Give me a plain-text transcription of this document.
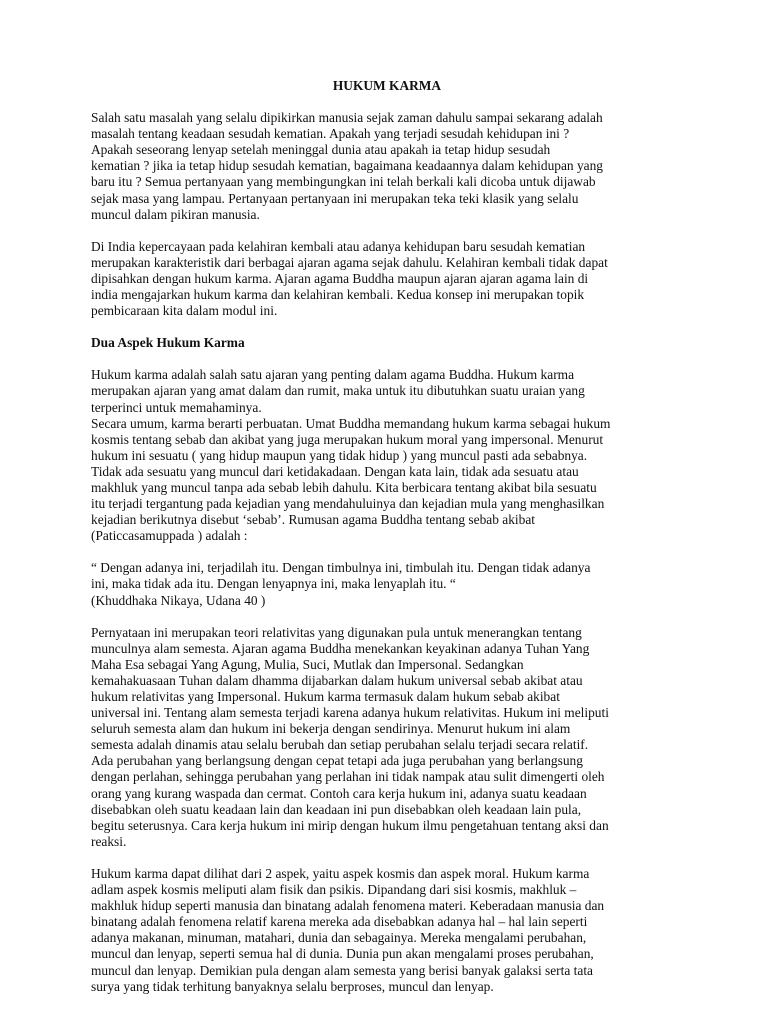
HUKUM KARMA
Salah satu masalah yang selalu dipikirkan manusia sejak zaman dahulu sampai sekarang adalah
masalah tentang keadaan sesudah kematian. Apakah yang terjadi sesudah kehidupan ini ?
Apakah seseorang lenyap setelah meninggal dunia atau apakah ia tetap hidup sesudah
kematian ? jika ia tetap hidup sesudah kematian, bagaimana keadaannya dalam kehidupan yang
baru itu ? Semua pertanyaan yang membingungkan ini telah berkali kali dicoba untuk dijawab
sejak masa yang lampau. Pertanyaan pertanyaan ini merupakan teka teki klasik yang selalu
muncul dalam pikiran manusia.
Di India kepercayaan pada kelahiran kembali atau adanya kehidupan baru sesudah kematian
merupakan karakteristik dari berbagai ajaran agama sejak dahulu. Kelahiran kembali tidak dapat
dipisahkan dengan hukum karma. Ajaran agama Buddha maupun ajaran ajaran agama lain di
india mengajarkan hukum karma dan kelahiran kembali. Kedua konsep ini merupakan topik
pembicaraan kita dalam modul ini.
Dua Aspek Hukum Karma
Hukum karma adalah salah satu ajaran yang penting dalam agama Buddha. Hukum karma
merupakan ajaran yang amat dalam dan rumit, maka untuk itu dibutuhkan suatu uraian yang
terperinci untuk memahaminya.
Secara umum, karma berarti perbuatan. Umat Buddha memandang hukum karma sebagai hukum
kosmis tentang sebab dan akibat yang juga merupakan hukum moral yang impersonal. Menurut
hukum ini sesuatu ( yang hidup maupun yang tidak hidup ) yang muncul pasti ada sebabnya.
Tidak ada sesuatu yang muncul dari ketidakadaan. Dengan kata lain, tidak ada sesuatu atau
makhluk yang muncul tanpa ada sebab lebih dahulu. Kita berbicara tentang akibat bila sesuatu
itu terjadi tergantung pada kejadian yang mendahuluinya dan kejadian mula yang menghasilkan
kejadian berikutnya disebut ‘sebab’. Rumusan agama Buddha tentang sebab akibat
(Paticcasamuppada ) adalah :
“ Dengan adanya ini, terjadilah itu. Dengan timbulnya ini, timbulah itu. Dengan tidak adanya
ini, maka tidak ada itu. Dengan lenyapnya ini, maka lenyaplah itu. “
(Khuddhaka Nikaya, Udana 40 )
Pernyataan ini merupakan teori relativitas yang digunakan pula untuk menerangkan tentang
munculnya alam semesta. Ajaran agama Buddha menekankan keyakinan adanya Tuhan Yang
Maha Esa sebagai Yang Agung, Mulia, Suci, Mutlak dan Impersonal. Sedangkan
kemahakuasaan Tuhan dalam dhamma dijabarkan dalam hukum universal sebab akibat atau
hukum relativitas yang Impersonal. Hukum karma termasuk dalam hukum sebab akibat
universal ini. Tentang alam semesta terjadi karena adanya hukum relativitas. Hukum ini meliputi
seluruh semesta alam dan hukum ini bekerja dengan sendirinya. Menurut hukum ini alam
semesta adalah dinamis atau selalu berubah dan setiap perubahan selalu terjadi secara relatif.
Ada perubahan yang berlangsung dengan cepat tetapi ada juga perubahan yang berlangsung
dengan perlahan, sehingga perubahan yang perlahan ini tidak nampak atau sulit dimengerti oleh
orang yang kurang waspada dan cermat. Contoh cara kerja hukum ini, adanya suatu keadaan
disebabkan oleh suatu keadaan lain dan keadaan ini pun disebabkan oleh keadaan lain pula,
begitu seterusnya. Cara kerja hukum ini mirip dengan hukum ilmu pengetahuan tentang aksi dan
reaksi.
Hukum karma dapat dilihat dari 2 aspek, yaitu aspek kosmis dan aspek moral. Hukum karma
adlam aspek kosmis meliputi alam fisik dan psikis. Dipandang dari sisi kosmis, makhluk –
makhluk hidup seperti manusia dan binatang adalah fenomena materi. Keberadaan manusia dan
binatang adalah fenomena relatif karena mereka ada disebabkan adanya hal – hal lain seperti
adanya makanan, minuman, matahari, dunia dan sebagainya. Mereka mengalami perubahan,
muncul dan lenyap, seperti semua hal di dunia. Dunia pun akan mengalami proses perubahan,
muncul dan lenyap. Demikian pula dengan alam semesta yang berisi banyak galaksi serta tata
surya yang tidak terhitung banyaknya selalu berproses, muncul dan lenyap.
